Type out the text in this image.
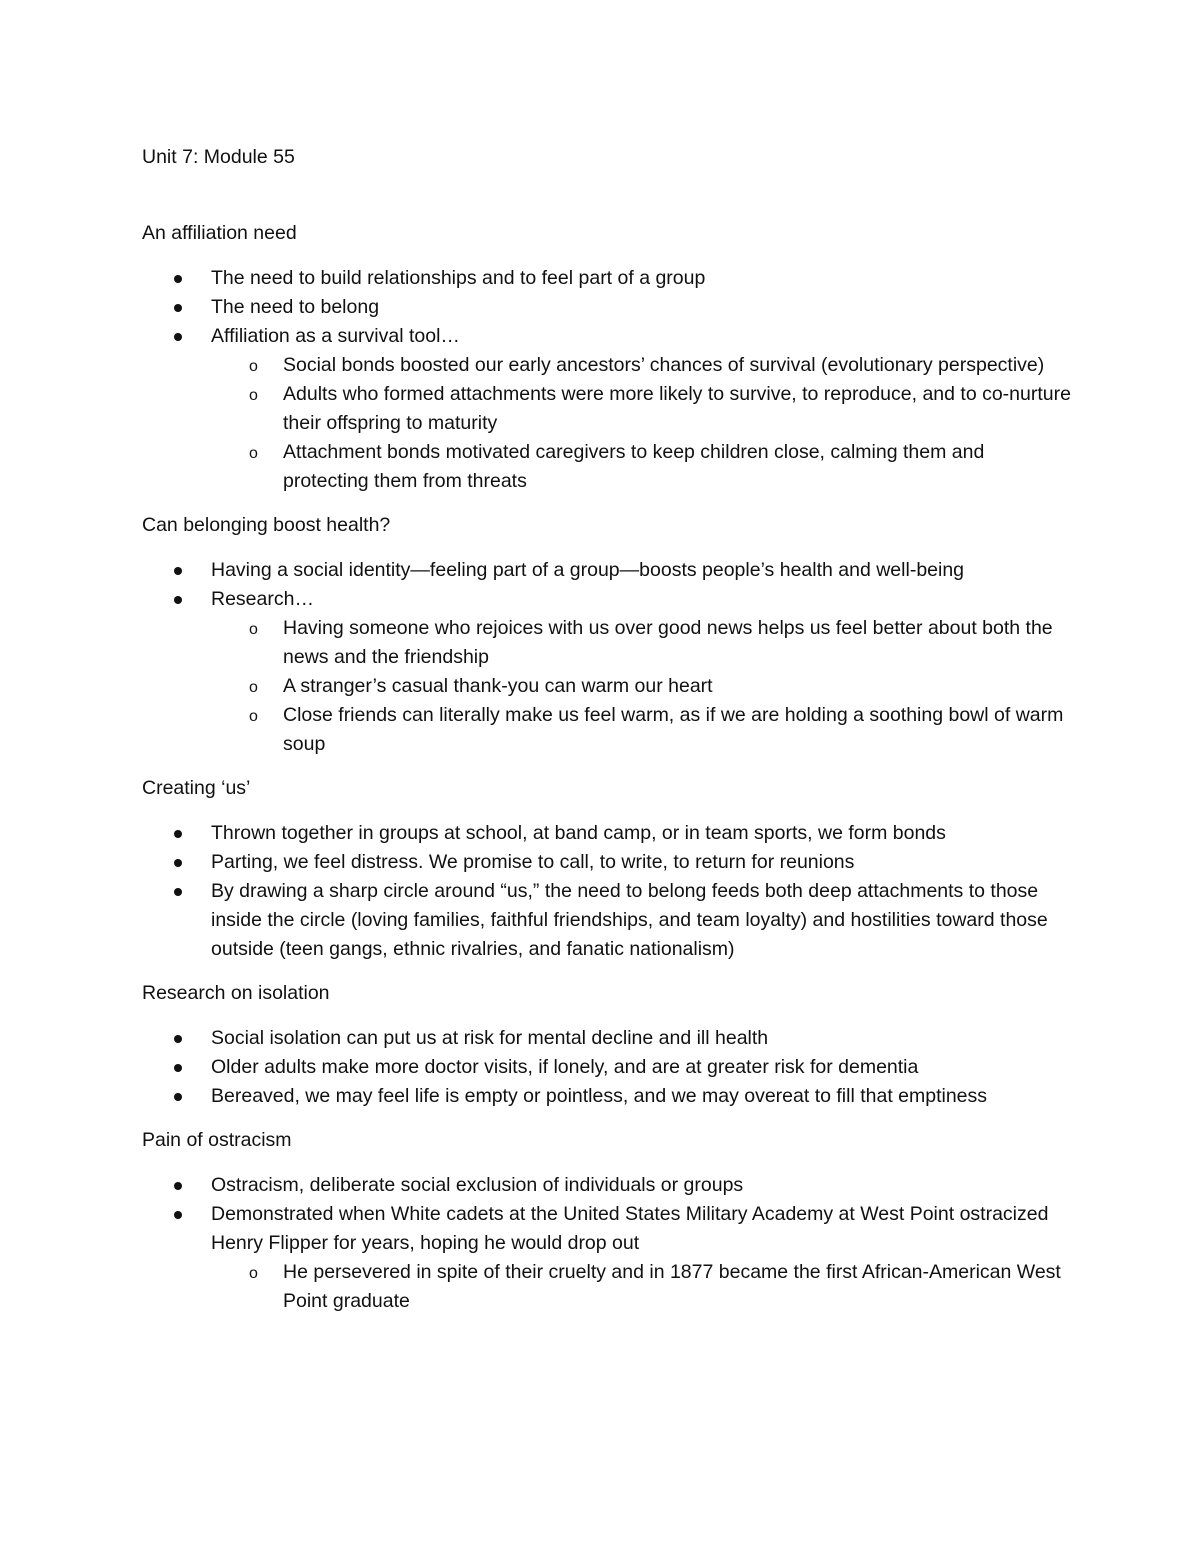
Unit 7: Module 55
An affiliation need
The need to build relationships and to feel part of a group
The need to belong
Affiliation as a survival tool…
o Social bonds boosted our early ancestors’ chances of survival (evolutionary perspective)
o Adults who formed attachments were more likely to survive, to reproduce, and to co-nurture their offspring to maturity
o Attachment bonds motivated caregivers to keep children close, calming them and protecting them from threats
Can belonging boost health?
Having a social identity—feeling part of a group—boosts people’s health and well-being
Research…
o Having someone who rejoices with us over good news helps us feel better about both the news and the friendship
o A stranger’s casual thank-you can warm our heart
o Close friends can literally make us feel warm, as if we are holding a soothing bowl of warm soup
Creating ‘us’
Thrown together in groups at school, at band camp, or in team sports, we form bonds
Parting, we feel distress. We promise to call, to write, to return for reunions
By drawing a sharp circle around “us,” the need to belong feeds both deep attachments to those inside the circle (loving families, faithful friendships, and team loyalty) and hostilities toward those outside (teen gangs, ethnic rivalries, and fanatic nationalism)
Research on isolation
Social isolation can put us at risk for mental decline and ill health
Older adults make more doctor visits, if lonely, and are at greater risk for dementia
Bereaved, we may feel life is empty or pointless, and we may overeat to fill that emptiness
Pain of ostracism
Ostracism, deliberate social exclusion of individuals or groups
Demonstrated when White cadets at the United States Military Academy at West Point ostracized Henry Flipper for years, hoping he would drop out
o He persevered in spite of their cruelty and in 1877 became the first African-American West Point graduate
